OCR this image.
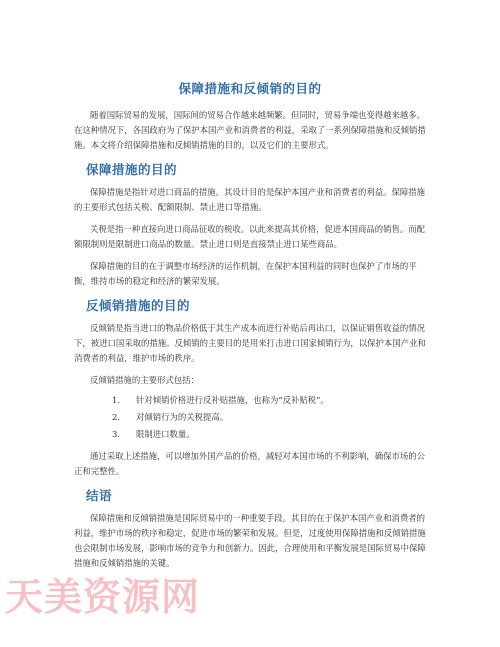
保障措施和反倾销的目的

随着国际贸易的发展，国际间的贸易合作越来越频繁。但同时，贸易争端也变得越来越多。在这种情况下，各国政府为了保护本国产业和消费者的利益，采取了一系列保障措施和反倾销措施。本文将介绍保障措施和反倾销措施的目的，以及它们的主要形式。

保障措施的目的

保障措施是指针对进口商品的措施。其设计目的是保护本国产业和消费者的利益。保障措施的主要形式包括关税、配额限制、禁止进口等措施。

关税是指一种直接向进口商品征收的税收。以此来提高其价格，促进本国商品的销售。而配额限制则是限制进口商品的数量。禁止进口则是直接禁止进口某些商品。

保障措施的目的在于调整市场经济的运作机制，在保护本国利益的同时也保护了市场的平衡，维持市场的稳定和经济的繁荣发展。

反倾销措施的目的

反倾销是指当进口的物品价格低于其生产成本而进行补贴后再出口，以保证销售收益的情况下，被进口国采取的措施。反倾销的主要目的是用来打击进口国家倾销行为，以保护本国产业和消费者的利益，维护市场的秩序。

反倾销措施的主要形式包括：

1. 针对倾销价格进行反补贴措施，也称为“反补贴税”。
2. 对倾销行为的关税提高。
3. 限制进口数量。

通过采取上述措施，可以增加外国产品的价格，减轻对本国市场的不利影响，确保市场的公正和完整性。

结语

保障措施和反倾销措施是国际贸易中的一种重要手段。其目的在于保护本国产业和消费者的利益，维护市场的秩序和稳定，促进市场的繁荣和发展。但是，过度使用保障措施和反倾销措施也会限制市场发展，影响市场的竞争力和创新力。因此，合理使用和平衡发展是国际贸易中保障措施和反倾销措施的关键。

天美资源网
